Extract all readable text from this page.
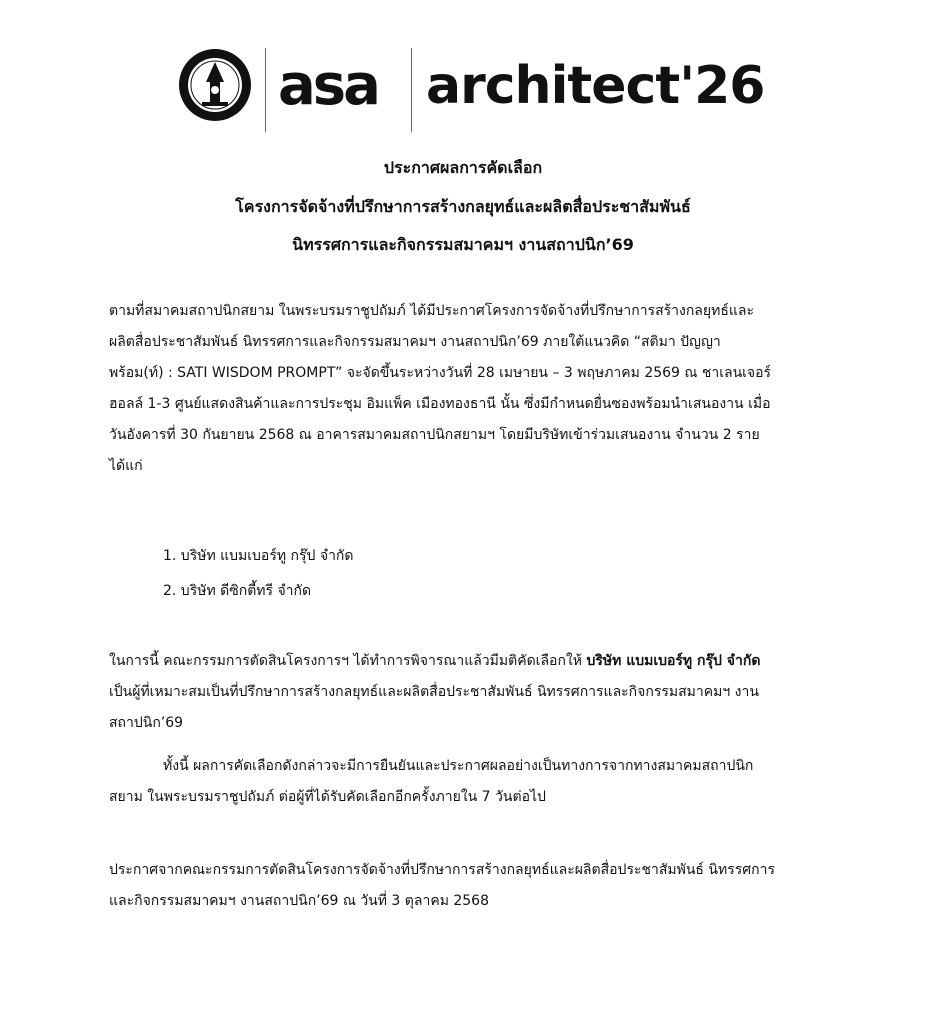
asa architect'26
ประกาศผลการคัดเลือก
โครงการจัดจ้างที่ปรึกษาการสร้างกลยุทธ์และผลิตสื่อประชาสัมพันธ์
นิทรรศการและกิจกรรมสมาคมฯ งานสถาปนิก’69
ตามที่สมาคมสถาปนิกสยาม ในพระบรมราชูปถัมภ์ ได้มีประกาศโครงการจัดจ้างที่ปรึกษาการสร้างกลยุทธ์และ
ผลิตสื่อประชาสัมพันธ์ นิทรรศการและกิจกรรมสมาคมฯ งานสถาปนิก’69 ภายใต้แนวคิด “สติมา ปัญญา
พร้อม(ท์) : SATI WISDOM PROMPT” จะจัดขึ้นระหว่างวันที่ 28 เมษายน – 3 พฤษภาคม 2569 ณ ชาเลนเจอร์
ฮอลล์ 1-3 ศูนย์แสดงสินค้าและการประชุม อิมแพ็ค เมืองทองธานี นั้น ซึ่งมีกำหนดยื่นซองพร้อมนำเสนองาน เมื่อ
วันอังคารที่ 30 กันยายน 2568 ณ อาคารสมาคมสถาปนิกสยามฯ โดยมีบริษัทเข้าร่วมเสนองาน จำนวน 2 ราย
ได้แก่
1. บริษัท แบมเบอร์ทู กรุ๊ป จำกัด
2. บริษัท ดีซิกตี้ทรี จำกัด
ในการนี้ คณะกรรมการตัดสินโครงการฯ ได้ทำการพิจารณาแล้วมีมติคัดเลือกให้ บริษัท แบมเบอร์ทู กรุ๊ป จำกัด
เป็นผู้ที่เหมาะสมเป็นที่ปรึกษาการสร้างกลยุทธ์และผลิตสื่อประชาสัมพันธ์ นิทรรศการและกิจกรรมสมาคมฯ งาน
สถาปนิก’69
ทั้งนี้ ผลการคัดเลือกดังกล่าวจะมีการยืนยันและประกาศผลอย่างเป็นทางการจากทางสมาคมสถาปนิก
สยาม ในพระบรมราชูปถัมภ์ ต่อผู้ที่ได้รับคัดเลือกอีกครั้งภายใน 7 วันต่อไป
ประกาศจากคณะกรรมการตัดสินโครงการจัดจ้างที่ปรึกษาการสร้างกลยุทธ์และผลิตสื่อประชาสัมพันธ์ นิทรรศการ
และกิจกรรมสมาคมฯ งานสถาปนิก’69 ณ วันที่ 3 ตุลาคม 2568
